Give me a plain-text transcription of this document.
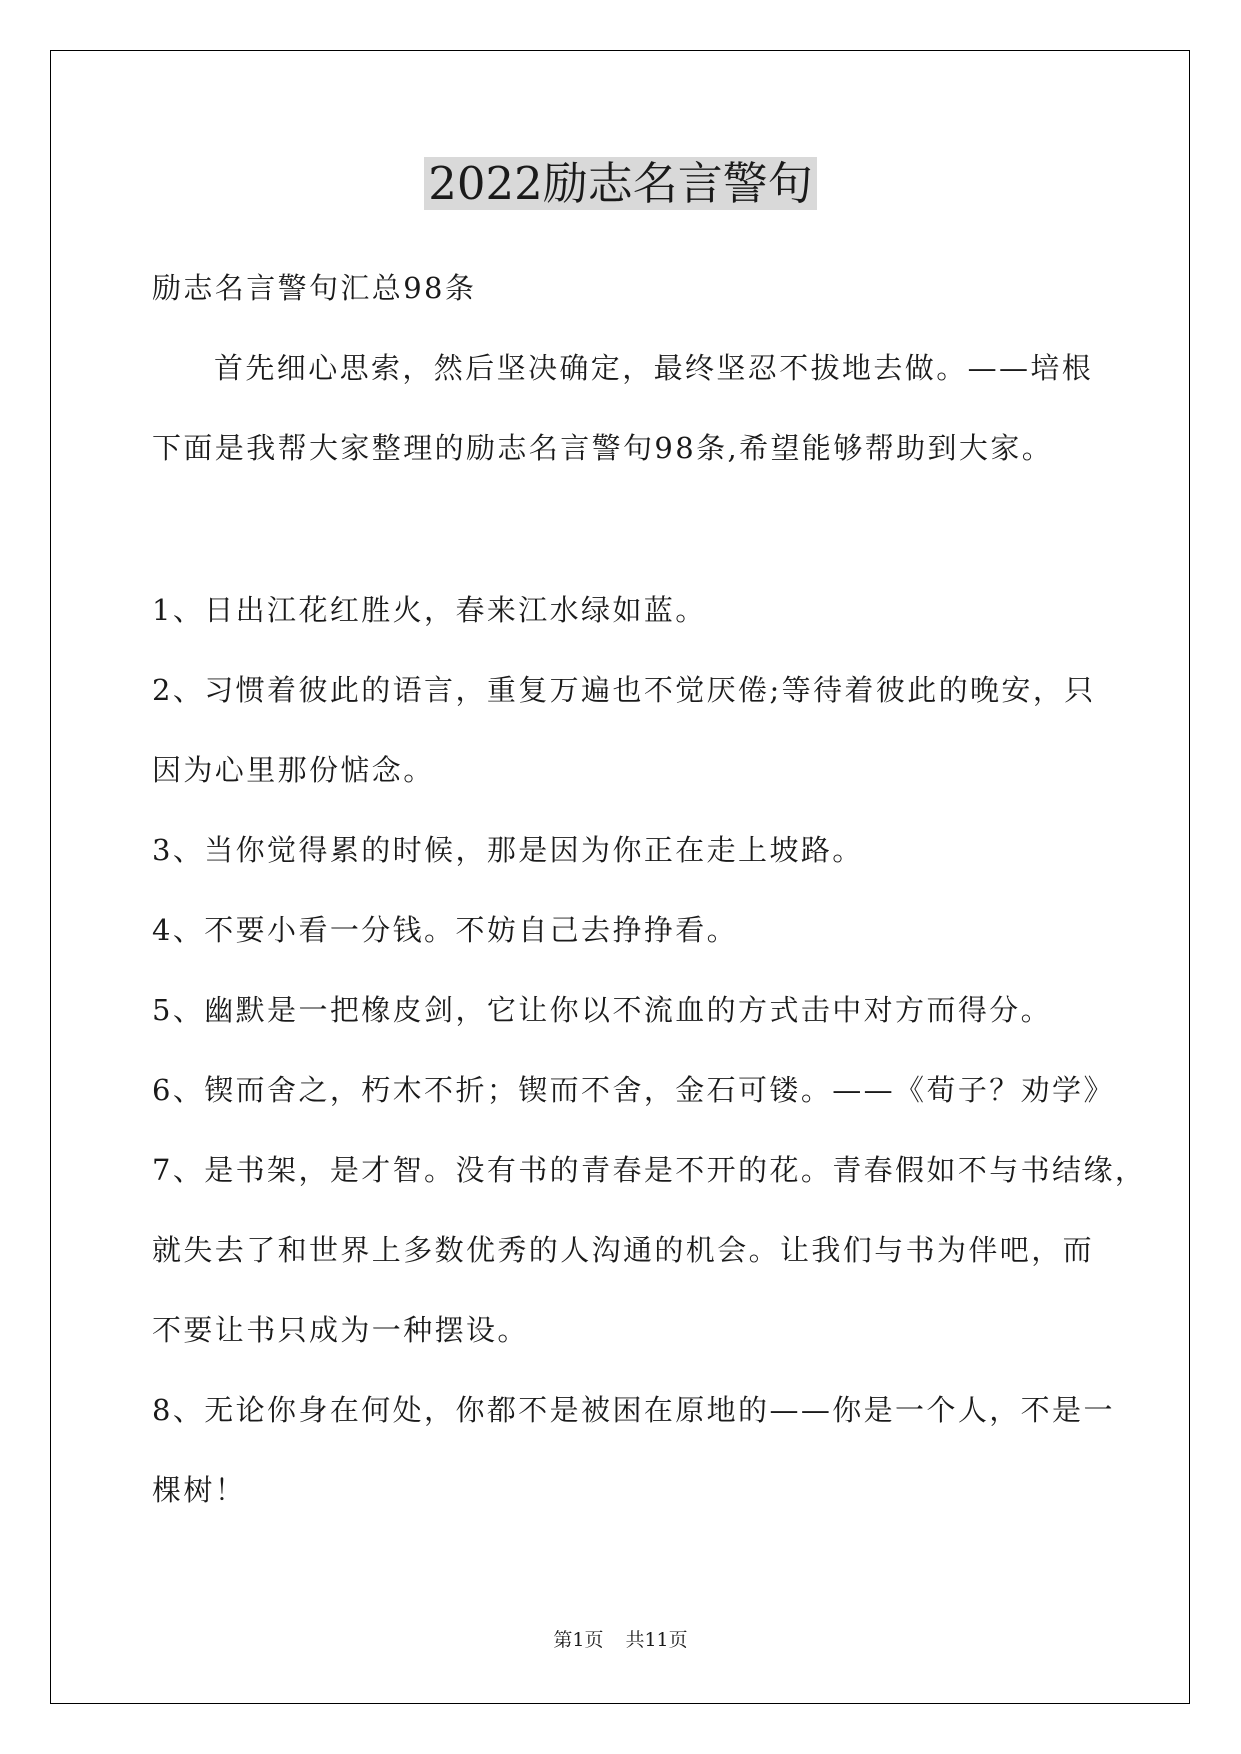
2022励志名言警句
励志名言警句汇总98条
首先细心思索，然后坚决确定，最终坚忍不拔地去做。——培根
下面是我帮大家整理的励志名言警句98条,希望能够帮助到大家。
1、日出江花红胜火，春来江水绿如蓝。
2、习惯着彼此的语言，重复万遍也不觉厌倦;等待着彼此的晚安，只
因为心里那份惦念。
3、当你觉得累的时候，那是因为你正在走上坡路。
4、不要小看一分钱。不妨自己去挣挣看。
5、幽默是一把橡皮剑，它让你以不流血的方式击中对方而得分。
6、锲而舍之，朽木不折；锲而不舍，金石可镂。——《荀子？劝学》
7、是书架，是才智。没有书的青春是不开的花。青春假如不与书结缘，
就失去了和世界上多数优秀的人沟通的机会。让我们与书为伴吧，而
不要让书只成为一种摆设。
8、无论你身在何处，你都不是被困在原地的——你是一个人，不是一
棵树！
第1页 共11页
